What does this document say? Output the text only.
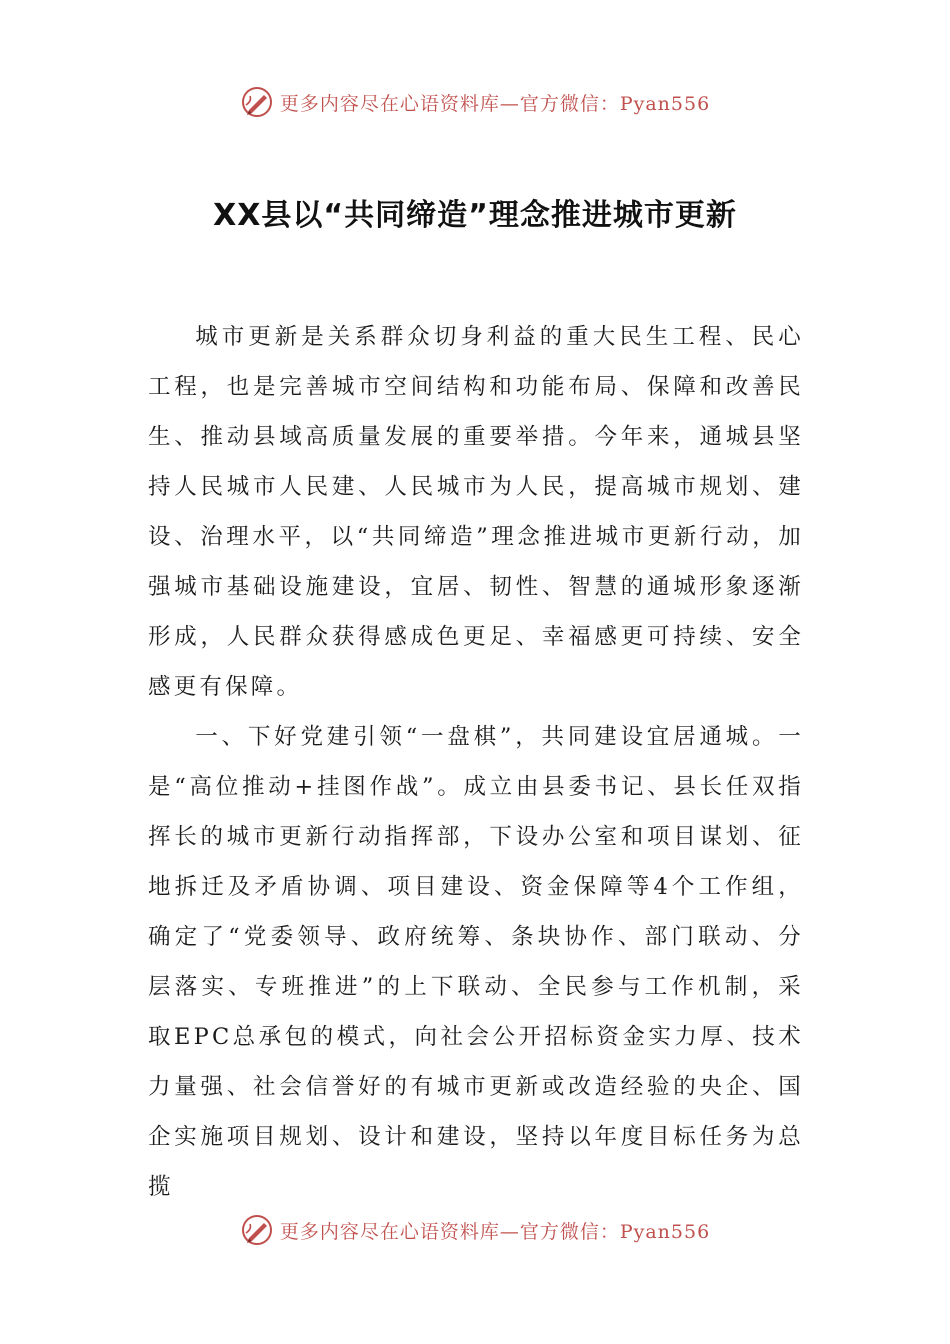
更多内容尽在心语资料库—官方微信：Pyan556
XX县以“共同缔造”理念推进城市更新

城市更新是关系群众切身利益的重大民生工程、民心工程，也是完善城市空间结构和功能布局、保障和改善民生、推动县域高质量发展的重要举措。今年来，通城县坚持人民城市人民建、人民城市为人民，提高城市规划、建设、治理水平，以“共同缔造”理念推进城市更新行动，加强城市基础设施建设，宜居、韧性、智慧的通城形象逐渐形成，人民群众获得感成色更足、幸福感更可持续、安全感更有保障。

一、下好党建引领“一盘棋”，共同建设宜居通城。一是“高位推动+挂图作战”。成立由县委书记、县长任双指挥长的城市更新行动指挥部，下设办公室和项目谋划、征地拆迁及矛盾协调、项目建设、资金保障等4个工作组，确定了“党委领导、政府统筹、条块协作、部门联动、分层落实、专班推进”的上下联动、全民参与工作机制，采取EPC总承包的模式，向社会公开招标资金实力厚、技术力量强、社会信誉好的有城市更新或改造经验的央企、国企实施项目规划、设计和建设，坚持以年度目标任务为总揽

更多内容尽在心语资料库—官方微信：Pyan556
